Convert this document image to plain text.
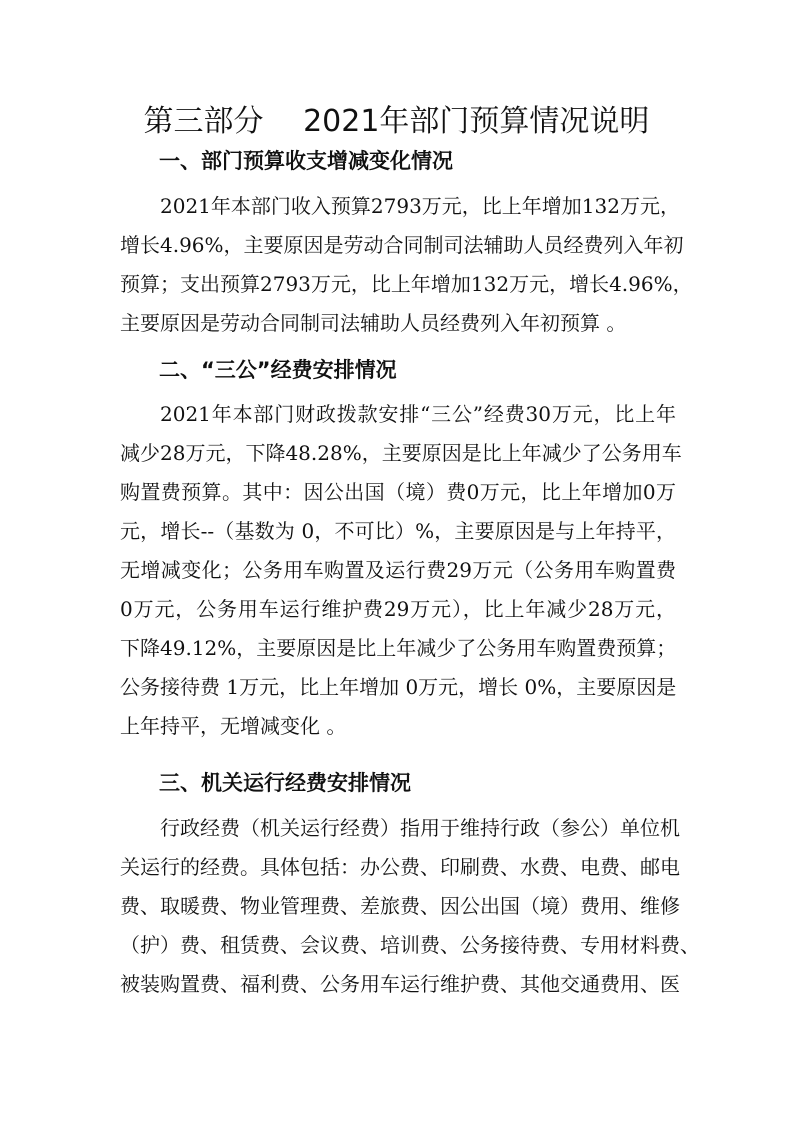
第三部分　 2021年部门预算情况说明
一、部门预算收支增减变化情况
2021年本部门收入预算2793万元，比上年增加132万元，
增长4.96%，主要原因是劳动合同制司法辅助人员经费列入年初
预算；支出预算2793万元，比上年增加132万元，增长4.96%，
主要原因是劳动合同制司法辅助人员经费列入年初预算 。
二、“三公”经费安排情况
2021年本部门财政拨款安排“三公”经费30万元，比上年
减少28万元，下降48.28%，主要原因是比上年减少了公务用车
购置费预算。其中：因公出国（境）费0万元，比上年增加0万
元，增长--（基数为 0，不可比）%，主要原因是与上年持平，
无增减变化；公务用车购置及运行费29万元（公务用车购置费
0万元，公务用车运行维护费29万元），比上年减少28万元，
下降49.12%，主要原因是比上年减少了公务用车购置费预算；
公务接待费 1万元，比上年增加 0万元，增长 0%，主要原因是
上年持平，无增减变化 。
三、机关运行经费安排情况
行政经费（机关运行经费）指用于维持行政（参公）单位机
关运行的经费。具体包括：办公费、印刷费、水费、电费、邮电
费、取暖费、物业管理费、差旅费、因公出国（境）费用、维修
（护）费、租赁费、会议费、培训费、公务接待费、专用材料费、
被装购置费、福利费、公务用车运行维护费、其他交通费用、医
